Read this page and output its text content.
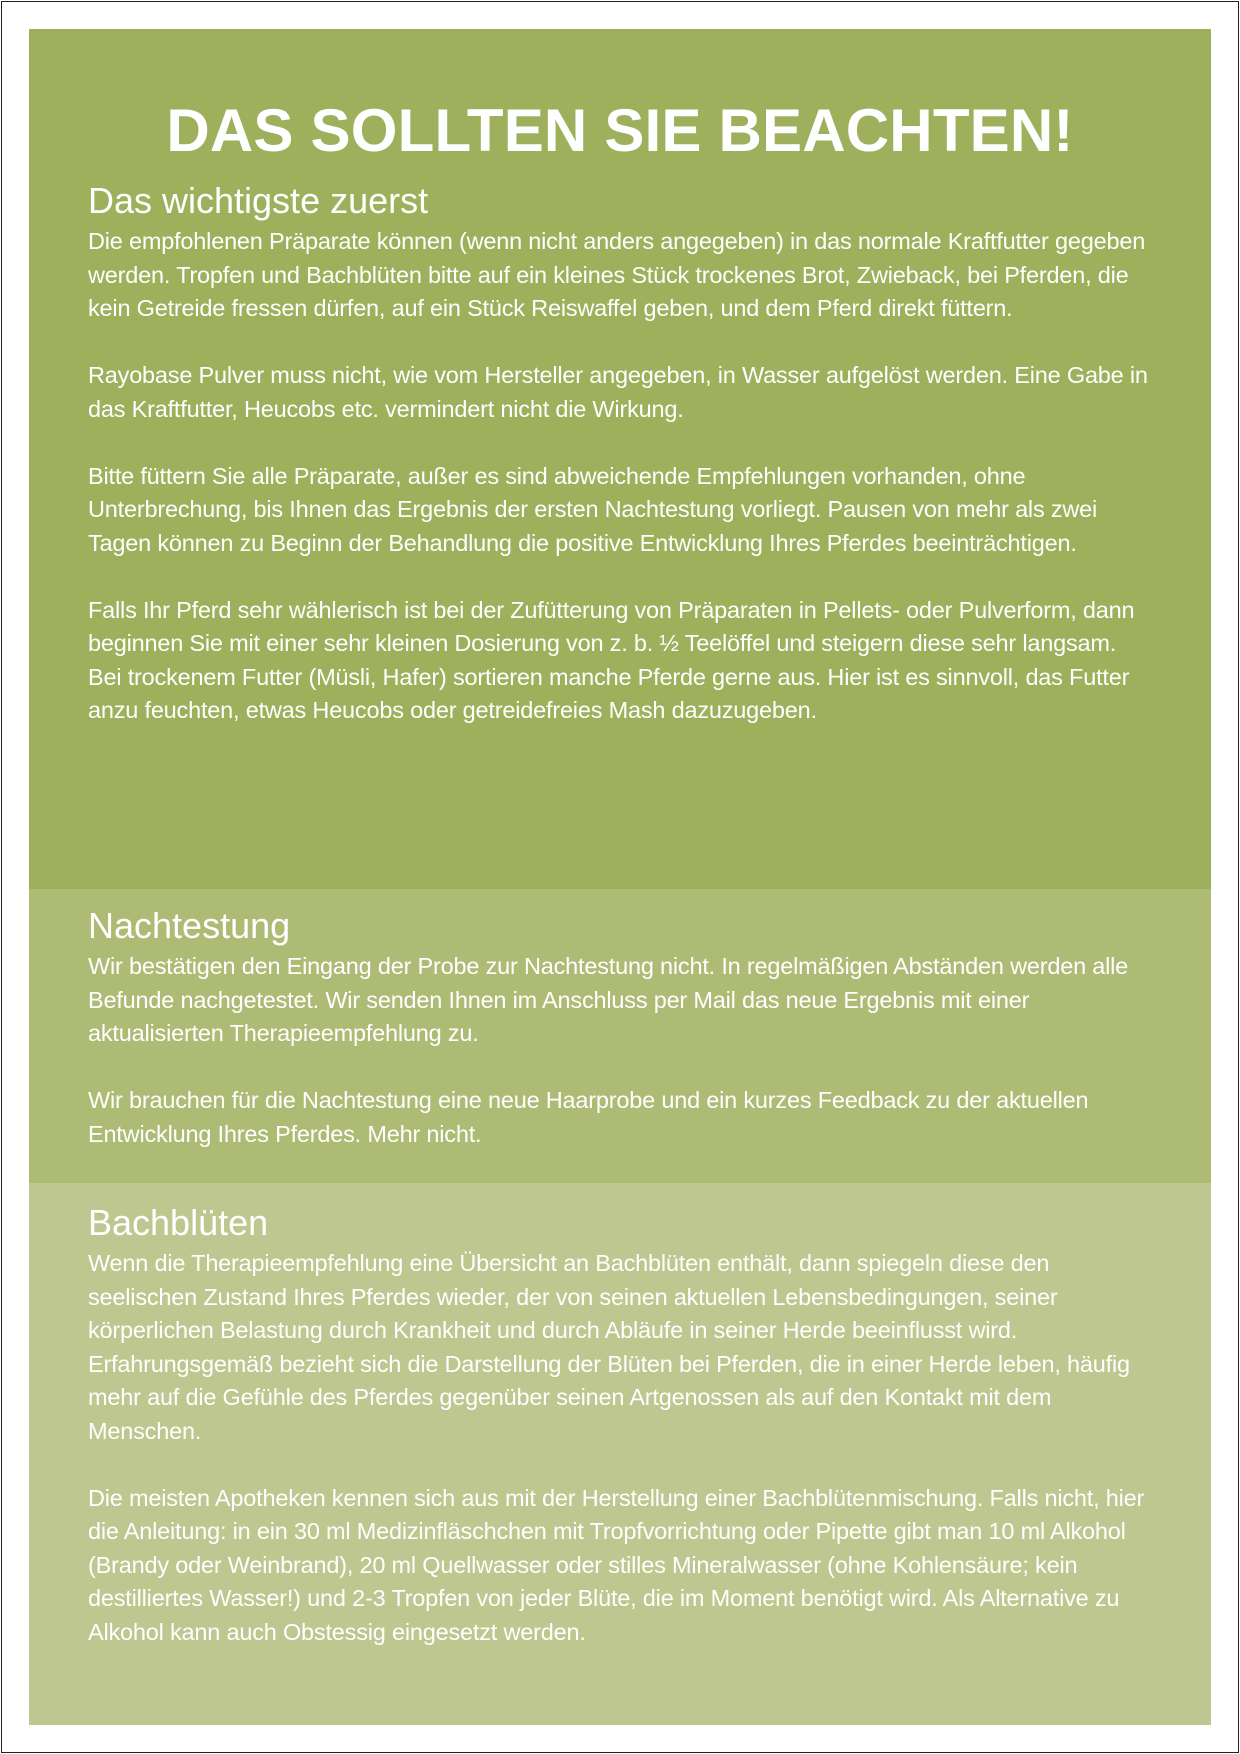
DAS SOLLTEN SIE BEACHTEN!
Das wichtigste zuerst

Die empfohlenen Präparate können (wenn nicht anders angegeben) in das normale Kraftfutter gegeben werden. Tropfen und Bachblüten bitte auf ein kleines Stück trockenes Brot, Zwieback, bei Pferden, die kein Getreide fressen dürfen, auf ein Stück Reiswaffel geben, und dem Pferd direkt füttern.

Rayobase Pulver muss nicht, wie vom Hersteller angegeben, in Wasser aufgelöst werden. Eine Gabe in das Kraftfutter, Heucobs etc. vermindert nicht die Wirkung.

Bitte füttern Sie alle Präparate, außer es sind abweichende Empfehlungen vorhanden, ohne Unterbrechung, bis Ihnen das Ergebnis der ersten Nachtestung vorliegt. Pausen von mehr als zwei Tagen können zu Beginn der Behandlung die positive Entwicklung Ihres Pferdes beeinträchtigen.

Falls Ihr Pferd sehr wählerisch ist bei der Zufütterung von Präparaten in Pellets- oder Pulverform, dann beginnen Sie mit einer sehr kleinen Dosierung von z. b. ½ Teelöffel und steigern diese sehr langsam. Bei trockenem Futter (Müsli, Hafer) sortieren manche Pferde gerne aus. Hier ist es sinnvoll, das Futter anzu feuchten, etwas Heucobs oder getreidefreies Mash dazuzugeben.

Nachtestung

Wir bestätigen den Eingang der Probe zur Nachtestung nicht. In regelmäßigen Abständen werden alle Befunde nachgetestet. Wir senden Ihnen im Anschluss per Mail das neue Ergebnis mit einer aktualisierten Therapieempfehlung zu.

Wir brauchen für die Nachtestung eine neue Haarprobe und ein kurzes Feedback zu der aktuellen Entwicklung Ihres Pferdes. Mehr nicht.

Bachblüten

Wenn die Therapieempfehlung eine Übersicht an Bachblüten enthält, dann spiegeln diese den seelischen Zustand Ihres Pferdes wieder, der von seinen aktuellen Lebensbedingungen, seiner körperlichen Belastung durch Krankheit und durch Abläufe in seiner Herde beeinflusst wird. Erfahrungsgemäß bezieht sich die Darstellung der Blüten bei Pferden, die in einer Herde leben, häufig mehr auf die Gefühle des Pferdes gegenüber seinen Artgenossen als auf den Kontakt mit dem Menschen.

Die meisten Apotheken kennen sich aus mit der Herstellung einer Bachblütenmischung. Falls nicht, hier die Anleitung: in ein 30 ml Medizinfläschchen mit Tropfvorrichtung oder Pipette gibt man 10 ml Alkohol (Brandy oder Weinbrand), 20 ml Quellwasser oder stilles Mineralwasser (ohne Kohlensäure; kein destilliertes Wasser!) und 2-3 Tropfen von jeder Blüte, die im Moment benötigt wird. Als Alternative zu Alkohol kann auch Obstessig eingesetzt werden.
